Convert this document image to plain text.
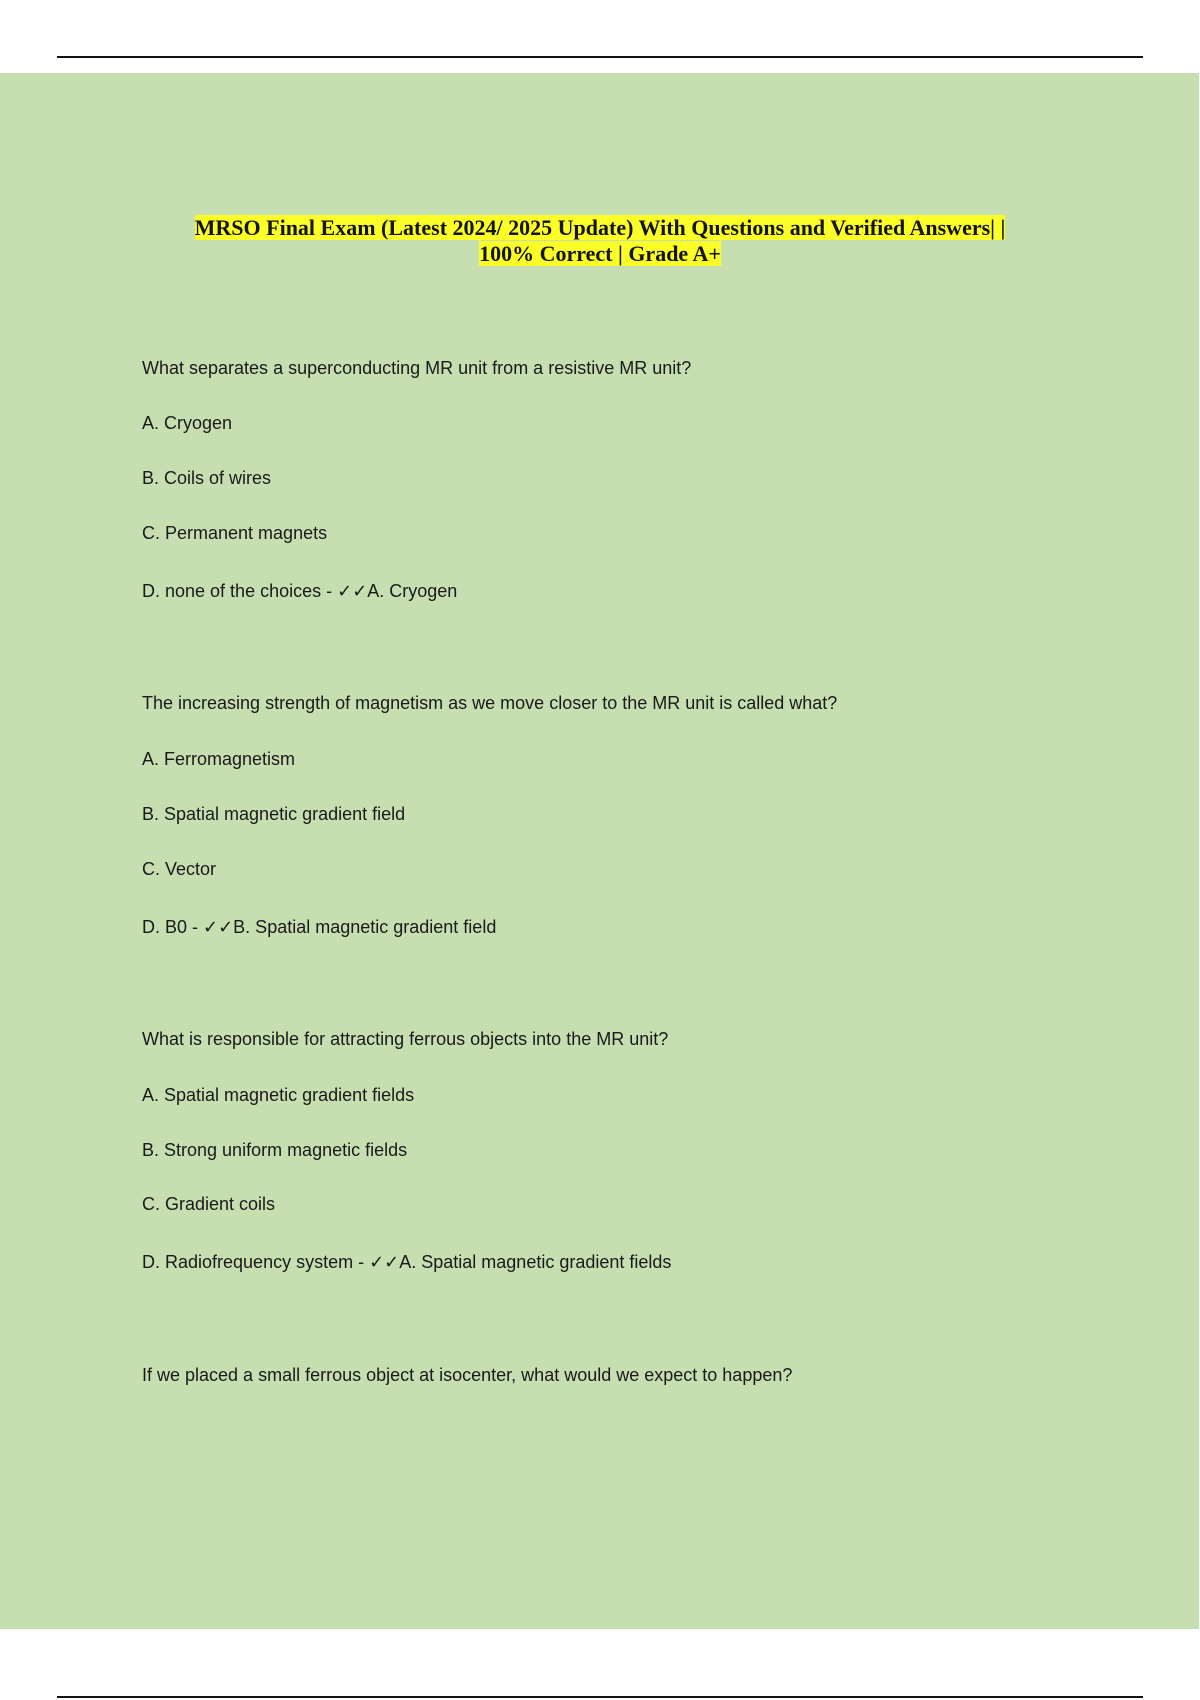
MRSO Final Exam (Latest 2024/ 2025 Update) With Questions and Verified Answers| |
100% Correct | Grade A+

What separates a superconducting MR unit from a resistive MR unit?

A. Cryogen

B. Coils of wires

C. Permanent magnets

D. none of the choices - ✓✓A. Cryogen

The increasing strength of magnetism as we move closer to the MR unit is called what?

A. Ferromagnetism

B. Spatial magnetic gradient field

C. Vector

D. B0 - ✓✓B. Spatial magnetic gradient field

What is responsible for attracting ferrous objects into the MR unit?

A. Spatial magnetic gradient fields

B. Strong uniform magnetic fields

C. Gradient coils

D. Radiofrequency system - ✓✓A. Spatial magnetic gradient fields

If we placed a small ferrous object at isocenter, what would we expect to happen?
